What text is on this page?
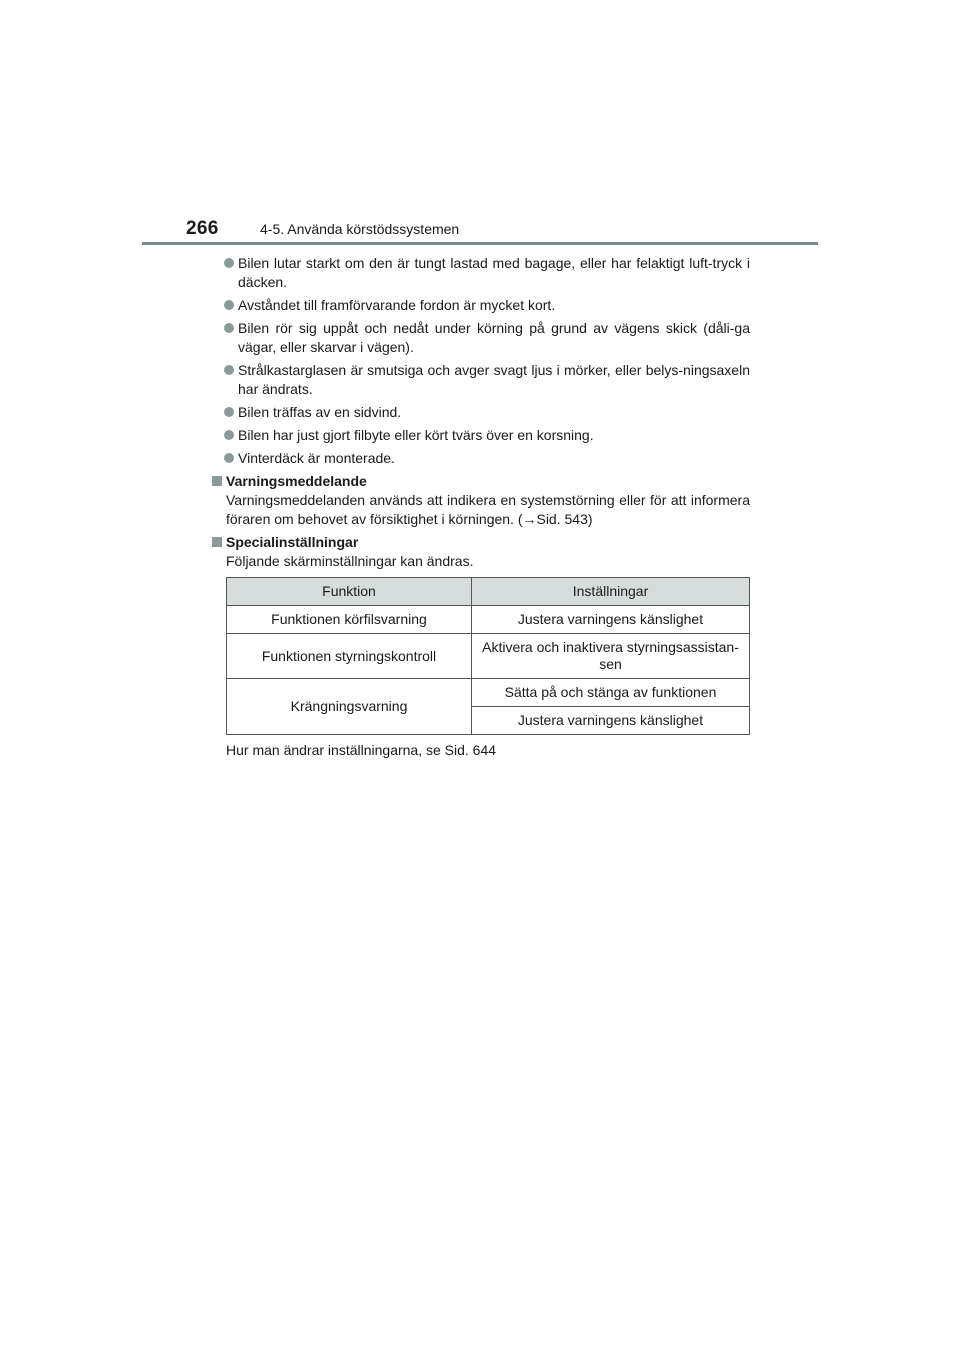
266	4-5. Använda körstödssystemen
Bilen lutar starkt om den är tungt lastad med bagage, eller har felaktigt luft-tryck i däcken.
Avståndet till framförvarande fordon är mycket kort.
Bilen rör sig uppåt och nedåt under körning på grund av vägens skick (dåli-ga vägar, eller skarvar i vägen).
Strålkastarglasen är smutsiga och avger svagt ljus i mörker, eller belys-ningsaxeln har ändrats.
Bilen träffas av en sidvind.
Bilen har just gjort filbyte eller kört tvärs över en korsning.
Vinterdäck är monterade.
Varningsmeddelande
Varningsmeddelanden används att indikera en systemstörning eller för att informera föraren om behovet av försiktighet i körningen. (→Sid. 543)
Specialinställningar
Följande skärminställningar kan ändras.
Funktion	Inställningar
Funktionen körfilsvarning	Justera varningens känslighet
Funktionen styrningskontroll	Aktivera och inaktivera styrningsassistan-sen
Krängningsvarning	Sätta på och stänga av funktionen
	Justera varningens känslighet
Hur man ändrar inställningarna, se Sid. 644
